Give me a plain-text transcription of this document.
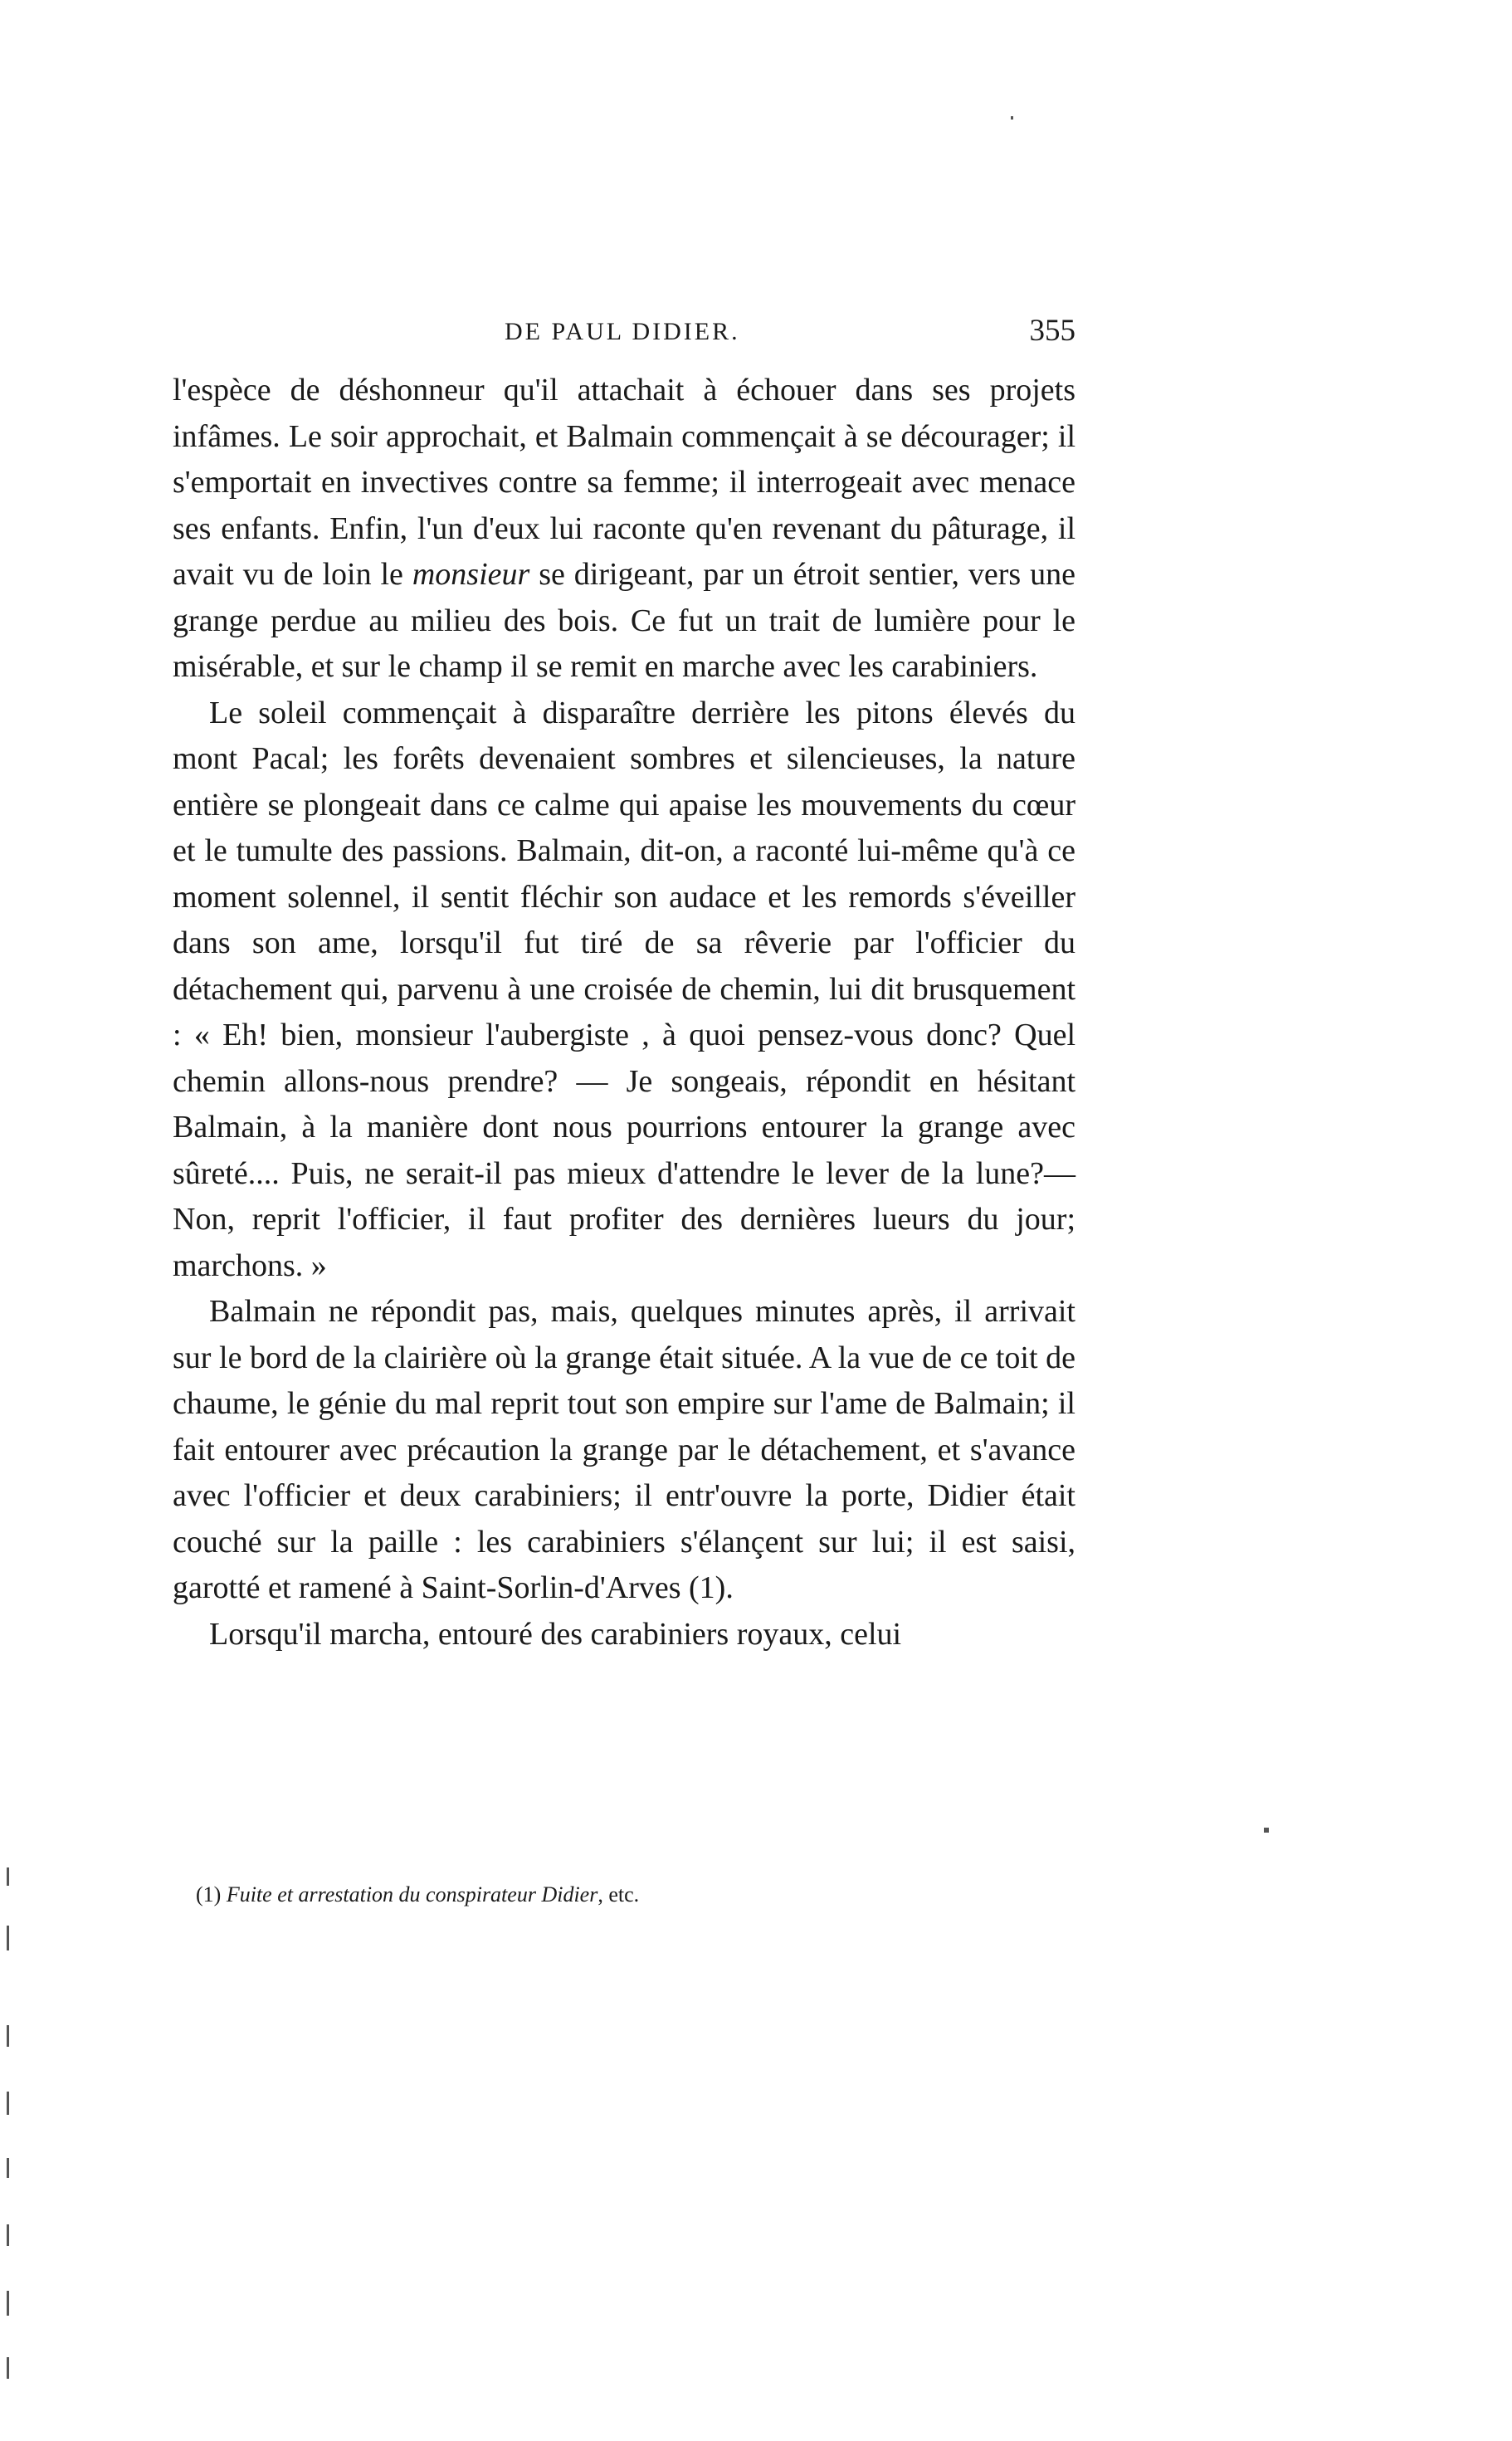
DE PAUL DIDIER.	355

l'espèce de déshonneur qu'il attachait à échouer dans ses projets infâmes. Le soir approchait, et Balmain commençait à se décourager; il s'emportait en invectives contre sa femme; il interrogeait avec menace ses enfants. Enfin, l'un d'eux lui raconte qu'en revenant du pâturage, il avait vu de loin le monsieur se dirigeant, par un étroit sentier, vers une grange perdue au milieu des bois. Ce fut un trait de lumière pour le misérable, et sur le champ il se remit en marche avec les carabiniers.

Le soleil commençait à disparaître derrière les pitons élevés du mont Pacal; les forêts devenaient sombres et silencieuses, la nature entière se plongeait dans ce calme qui apaise les mouvements du cœur et le tumulte des passions. Balmain, dit-on, a raconté lui-même qu'à ce moment solennel, il sentit fléchir son audace et les remords s'éveiller dans son ame, lorsqu'il fut tiré de sa rêverie par l'officier du détachement qui, parvenu à une croisée de chemin, lui dit brusquement : « Eh! bien, monsieur l'aubergiste , à quoi pensez-vous donc? Quel chemin allons-nous prendre? — Je songeais, répondit en hésitant Balmain, à la manière dont nous pourrions entourer la grange avec sûreté.... Puis, ne serait-il pas mieux d'attendre le lever de la lune?—Non, reprit l'officier, il faut profiter des dernières lueurs du jour; marchons. »

Balmain ne répondit pas, mais, quelques minutes après, il arrivait sur le bord de la clairière où la grange était située. A la vue de ce toit de chaume, le génie du mal reprit tout son empire sur l'ame de Balmain; il fait entourer avec précaution la grange par le détachement, et s'avance avec l'officier et deux carabiniers; il entr'ouvre la porte, Didier était couché sur la paille : les carabiniers s'élançent sur lui; il est saisi, garotté et ramené à Saint-Sorlin-d'Arves (1).

Lorsqu'il marcha, entouré des carabiniers royaux, celui

(1) Fuite et arrestation du conspirateur Didier, etc.
